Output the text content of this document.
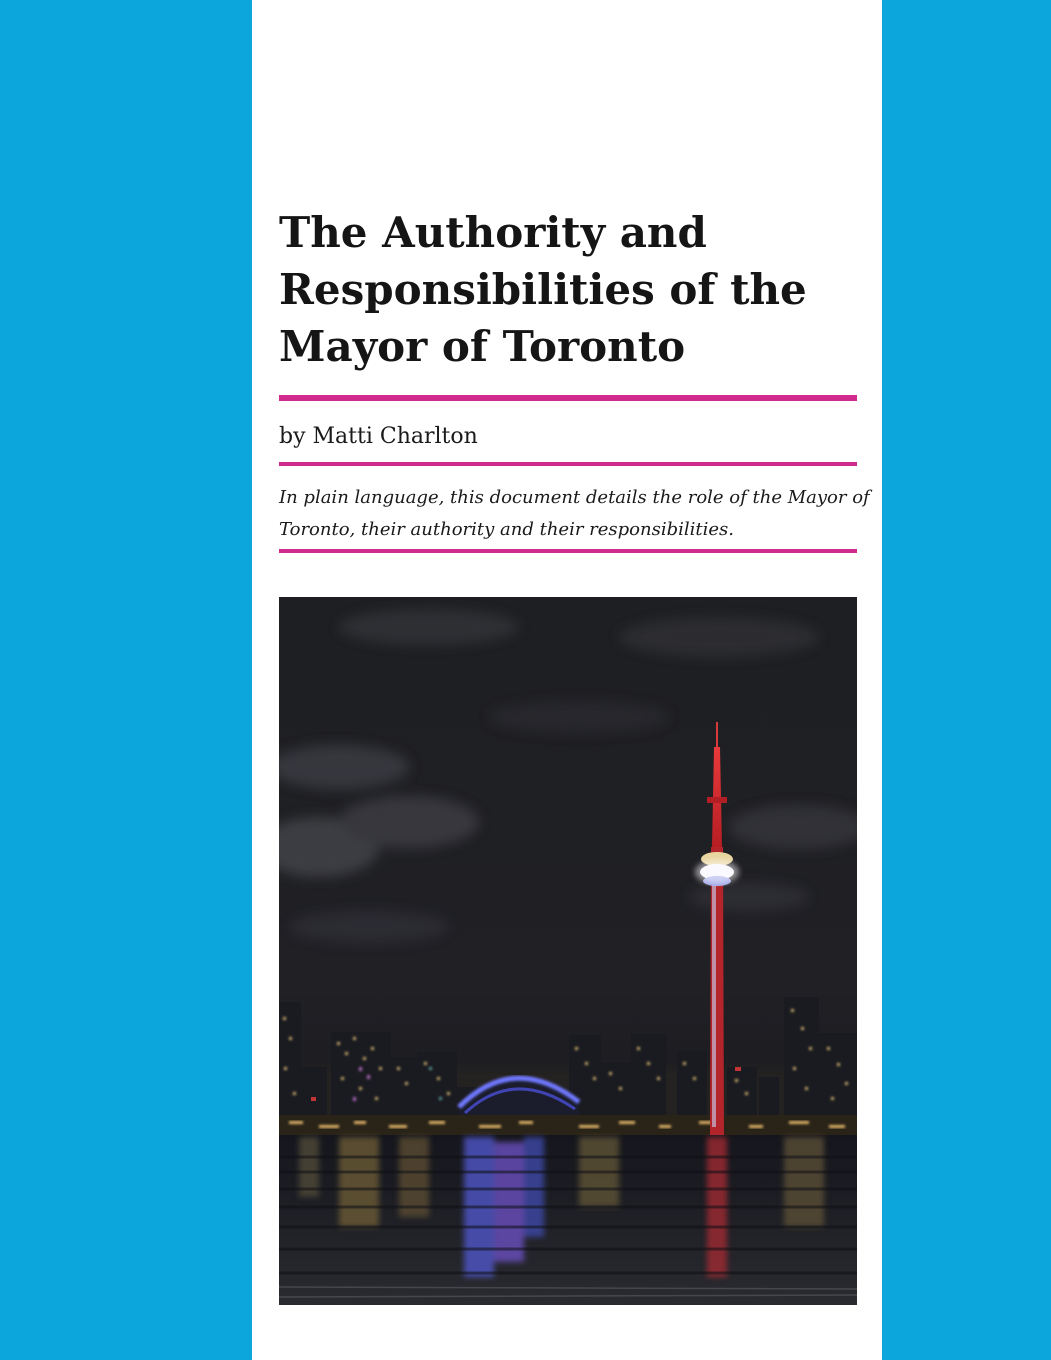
The Authority and
Responsibilities of the
Mayor of Toronto
by Matti Charlton

In plain language, this document details the role of the Mayor of
Toronto, their authority and their responsibilities.
